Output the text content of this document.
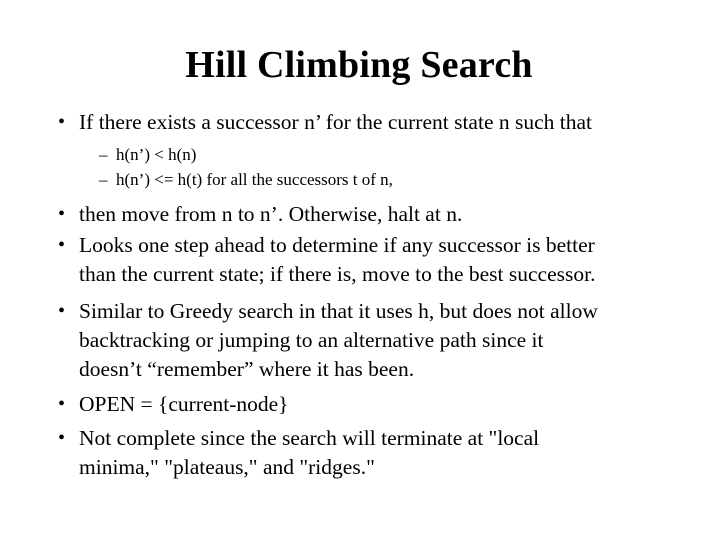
Hill Climbing Search
• If there exists a successor n’ for the current state n such that
– h(n’) < h(n)
– h(n’) <= h(t) for all the successors t of n,
• then move from n to n’. Otherwise, halt at n.
• Looks one step ahead to determine if any successor is better
than the current state; if there is, move to the best successor.
• Similar to Greedy search in that it uses h, but does not allow
backtracking or jumping to an alternative path since it
doesn’t “remember” where it has been.
• OPEN = {current-node}
• Not complete since the search will terminate at "local
minima," "plateaus," and "ridges."
